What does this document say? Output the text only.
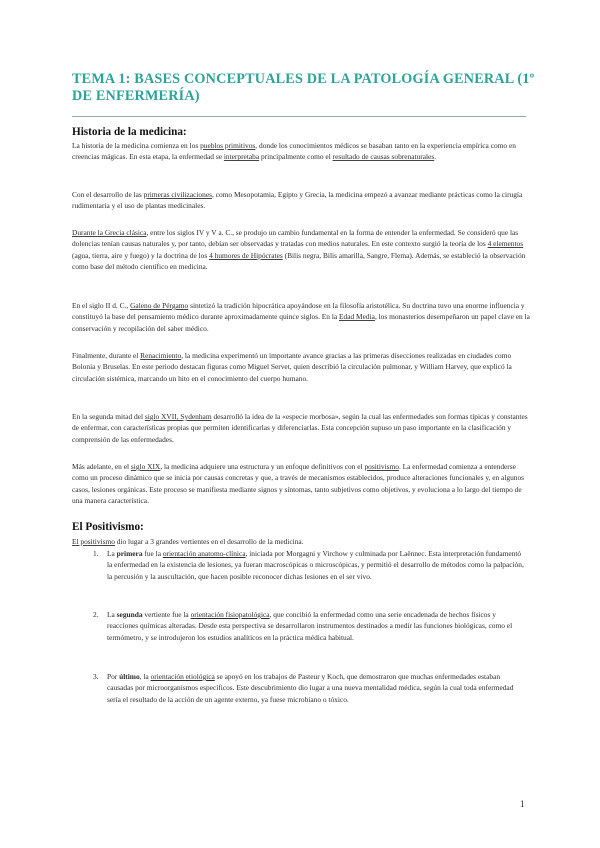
TEMA 1: BASES CONCEPTUALES DE LA PATOLOGÍA GENERAL (1º DE ENFERMERÍA)
Historia de la medicina:

La historia de la medicina comienza en los pueblos primitivos, donde los conocimientos médicos se basaban tanto en la experiencia empírica como en creencias mágicas. En esta etapa, la enfermedad se interpretaba principalmente como el resultado de causas sobrenaturales.

Con el desarrollo de las primeras civilizaciones, como Mesopotamia, Egipto y Grecia, la medicina empezó a avanzar mediante prácticas como la cirugía rudimentaria y el uso de plantas medicinales.

Durante la Grecia clásica, entre los siglos IV y V a. C., se produjo un cambio fundamental en la forma de entender la enfermedad. Se consideró que las dolencias tenían causas naturales y, por tanto, debían ser observadas y tratadas con medios naturales. En este contexto surgió la teoría de los 4 elementos (agua, tierra, aire y fuego) y la doctrina de los 4 humores de Hipócrates (Bilis negra, Bilis amarilla, Sangre, Flema). Además, se estableció la observación como base del método científico en medicina.

En el siglo II d. C., Galeno de Pérgamo sintetizó la tradición hipocrática apoyándose en la filosofía aristotélica. Su doctrina tuvo una enorme influencia y constituyó la base del pensamiento médico durante aproximadamente quince siglos. En la Edad Media, los monasterios desempeñaron un papel clave en la conservación y recopilación del saber médico.

Finalmente, durante el Renacimiento, la medicina experimentó un importante avance gracias a las primeras disecciones realizadas en ciudades como Bolonia y Bruselas. En este periodo destacan figuras como Miguel Servet, quien describió la circulación pulmonar, y William Harvey, que explicó la circulación sistémica, marcando un hito en el conocimiento del cuerpo humano.

En la segunda mitad del siglo XVII, Sydenham desarrolló la idea de la «especie morbosa», según la cual las enfermedades son formas típicas y constantes de enfermar, con características propias que permiten identificarlas y diferenciarlas. Esta concepción supuso un paso importante en la clasificación y comprensión de las enfermedades.

Más adelante, en el siglo XIX, la medicina adquiere una estructura y un enfoque definitivos con el positivismo. La enfermedad comienza a entenderse como un proceso dinámico que se inicia por causas concretas y que, a través de mecanismos establecidos, produce alteraciones funcionales y, en algunos casos, lesiones orgánicas. Este proceso se manifiesta mediante signos y síntomas, tanto subjetivos como objetivos, y evoluciona a lo largo del tiempo de una manera característica.

El Positivismo:

El positivismo dio lugar a 3 grandes vertientes en el desarrollo de la medicina.

1. La primera fue la orientación anatomo-clínica, iniciada por Morgagni y Virchow y culminada por Laënnec. Esta interpretación fundamentó la enfermedad en la existencia de lesiones, ya fueran macroscópicas o microscópicas, y permitió el desarrollo de métodos como la palpación, la percusión y la auscultación, que hacen posible reconocer dichas lesiones en el ser vivo.

2. La segunda vertiente fue la orientación fisiopatológica, que concibió la enfermedad como una serie encadenada de hechos físicos y reacciones químicas alteradas. Desde esta perspectiva se desarrollaron instrumentos destinados a medir las funciones biológicas, como el termómetro, y se introdujeron los estudios analíticos en la práctica médica habitual.

3. Por último, la orientación etiológica se apoyó en los trabajos de Pasteur y Koch, que demostraron que muchas enfermedades estaban causadas por microorganismos específicos. Este descubrimiento dio lugar a una nueva mentalidad médica, según la cual toda enfermedad sería el resultado de la acción de un agente externo, ya fuese microbiano o tóxico.

1
